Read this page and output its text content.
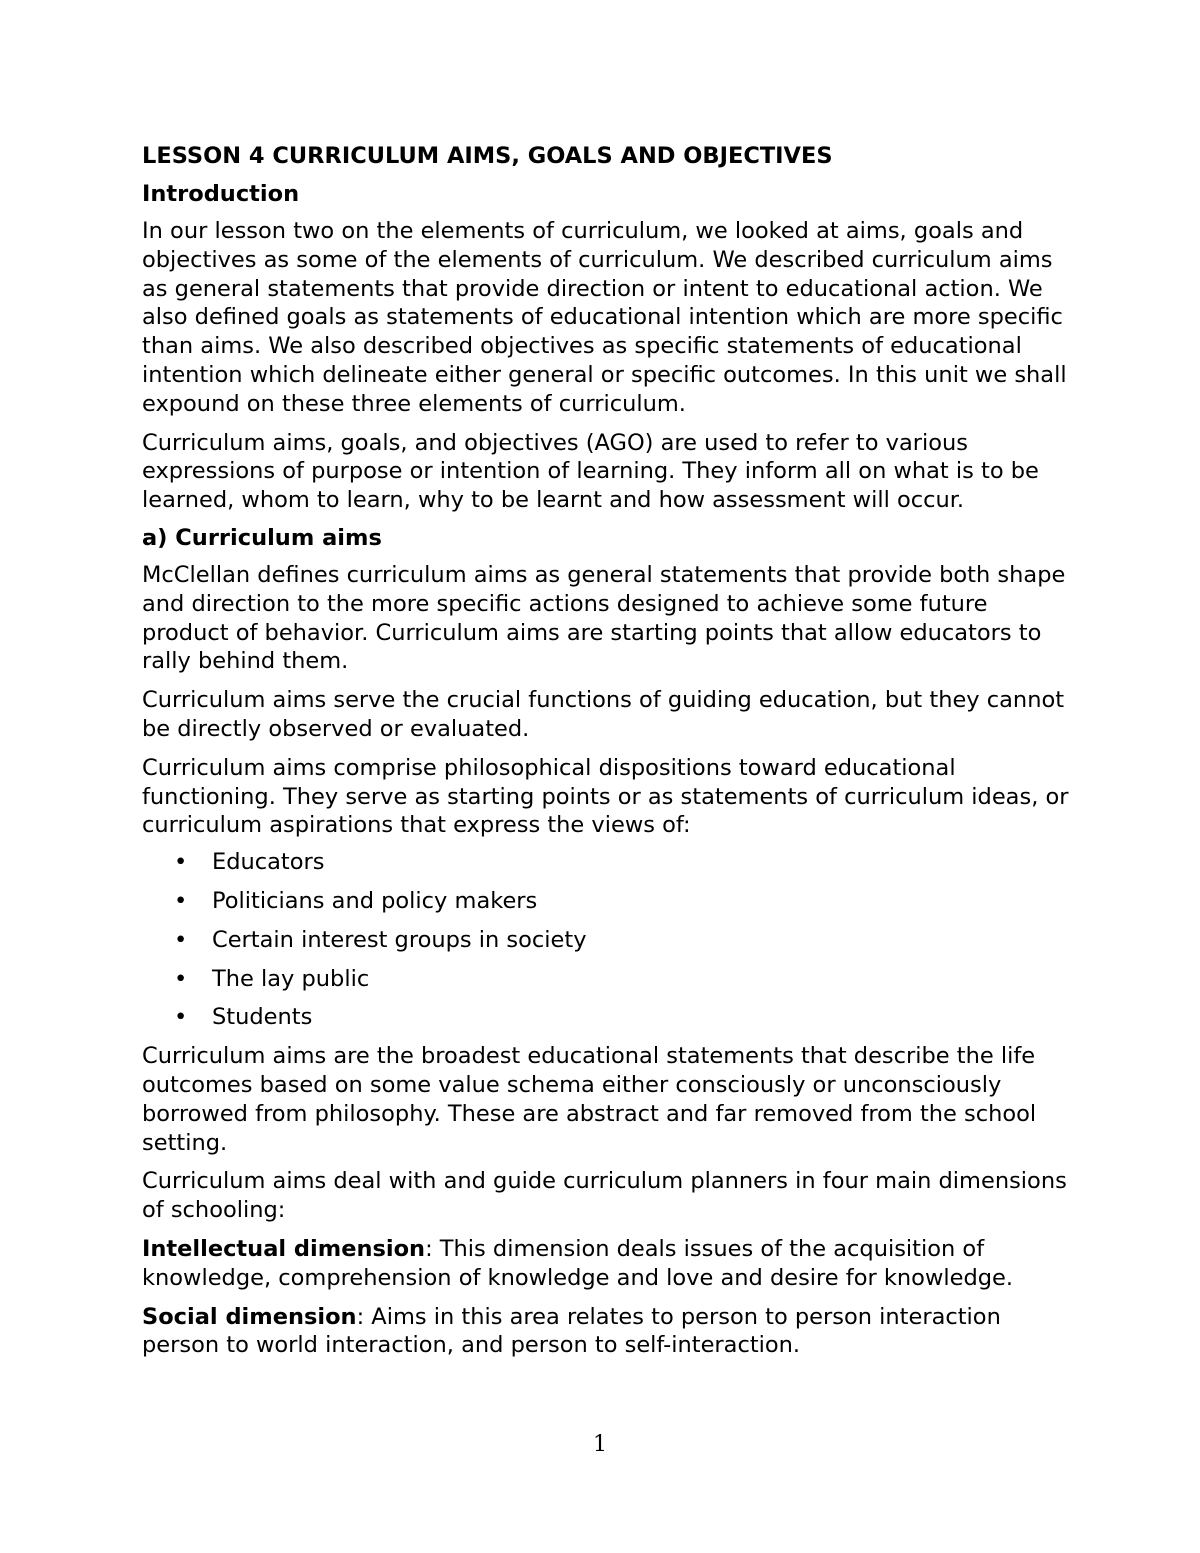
LESSON 4 CURRICULUM AIMS, GOALS AND OBJECTIVES
Introduction

In our lesson two on the elements of curriculum, we looked at aims, goals and objectives as some of the elements of curriculum. We described curriculum aims as general statements that provide direction or intent to educational action. We also defined goals as statements of educational intention which are more specific than aims. We also described objectives as specific statements of educational intention which delineate either general or specific outcomes. In this unit we shall expound on these three elements of curriculum.

Curriculum aims, goals, and objectives (AGO) are used to refer to various expressions of purpose or intention of learning. They inform all on what is to be learned, whom to learn, why to be learnt and how assessment will occur.

a) Curriculum aims

McClellan defines curriculum aims as general statements that provide both shape and direction to the more specific actions designed to achieve some future product of behavior. Curriculum aims are starting points that allow educators to rally behind them.

Curriculum aims serve the crucial functions of guiding education, but they cannot be directly observed or evaluated.

Curriculum aims comprise philosophical dispositions toward educational functioning. They serve as starting points or as statements of curriculum ideas, or curriculum aspirations that express the views of:

• Educators
• Politicians and policy makers
• Certain interest groups in society
• The lay public
• Students

Curriculum aims are the broadest educational statements that describe the life outcomes based on some value schema either consciously or unconsciously borrowed from philosophy. These are abstract and far removed from the school setting.

Curriculum aims deal with and guide curriculum planners in four main dimensions of schooling:

Intellectual dimension: This dimension deals issues of the acquisition of knowledge, comprehension of knowledge and love and desire for knowledge.

Social dimension: Aims in this area relates to person to person interaction person to world interaction, and person to self-interaction.

1
